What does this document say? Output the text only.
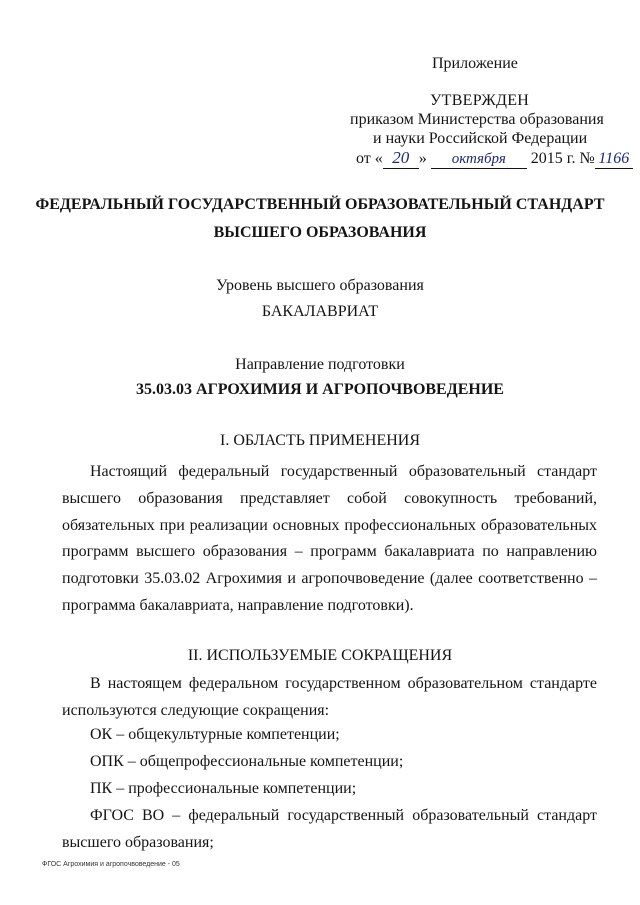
Приложение
УТВЕРЖДЕН
приказом Министерства образования
и науки Российской Федерации
от « 20 » октября 2015 г. № 1166
ФЕДЕРАЛЬНЫЙ ГОСУДАРСТВЕННЫЙ ОБРАЗОВАТЕЛЬНЫЙ СТАНДАРТ
ВЫСШЕГО ОБРАЗОВАНИЯ
Уровень высшего образования
БАКАЛАВРИАТ
Направление подготовки
35.03.03 АГРОХИМИЯ И АГРОПОЧВОВЕДЕНИЕ
I. ОБЛАСТЬ ПРИМЕНЕНИЯ
Настоящий федеральный государственный образовательный стандарт высшего образования представляет собой совокупность требований, обязательных при реализации основных профессиональных образовательных программ высшего образования – программ бакалавриата по направлению подготовки 35.03.02 Агрохимия и агропочвоведение (далее соответственно – программа бакалавриата, направление подготовки).
II. ИСПОЛЬЗУЕМЫЕ СОКРАЩЕНИЯ
В настоящем федеральном государственном образовательном стандарте используются следующие сокращения:
ОК – общекультурные компетенции;
ОПК – общепрофессиональные компетенции;
ПК – профессиональные компетенции;
ФГОС ВО – федеральный государственный образовательный стандарт высшего образования;
ФГОС Агрохимия и агропочвоведение - 05
